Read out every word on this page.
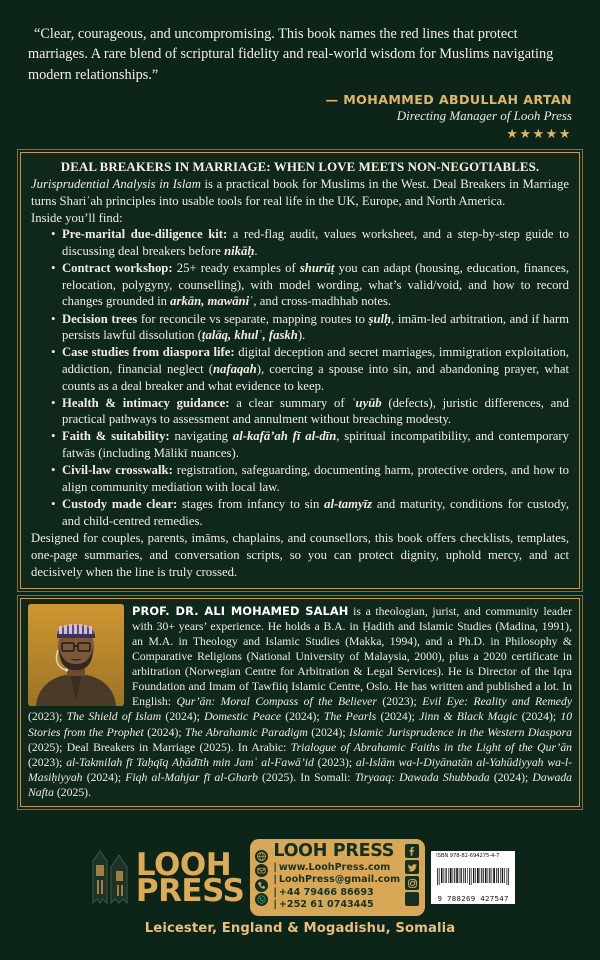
“Clear, courageous, and uncompromising. This book names the red lines that protect marriages. A rare blend of scriptural fidelity and real-world wisdom for Muslims navigating modern relationships.”

— MOHAMMED ABDULLAH ARTAN
Directing Manager of Looh Press
★★★★★
DEAL BREAKERS IN MARRIAGE: WHEN LOVE MEETS NON-NEGOTIABLES.

Jurisprudential Analysis in Islam is a practical book for Muslims in the West. Deal Breakers in Marriage turns Shariʿah principles into usable tools for real life in the UK, Europe, and North America.

Inside you’ll find:

• Pre-marital due-diligence kit: a red-flag audit, values worksheet, and a step-by-step guide to discussing deal breakers before nikāḥ.
• Contract workshop: 25+ ready examples of shurūṭ you can adapt (housing, education, finances, relocation, polygyny, counselling), with model wording, what’s valid/void, and how to record changes grounded in arkān, mawāniʿ, and cross-madhhab notes.
• Decision trees for reconcile vs separate, mapping routes to ṣulḥ, imām-led arbitration, and if harm persists lawful dissolution (ṭalāq, khulʿ, faskh).
• Case studies from diaspora life: digital deception and secret marriages, immigration exploitation, addiction, financial neglect (nafaqah), coercing a spouse into sin, and abandoning prayer, what counts as a deal breaker and what evidence to keep.
• Health & intimacy guidance: a clear summary of ʿuyūb (defects), juristic differences, and practical pathways to assessment and annulment without breaching modesty.
• Faith & suitability: navigating al-kafā’ah fī al-dīn, spiritual incompatibility, and contemporary fatwās (including Mālikī nuances).
• Civil-law crosswalk: registration, safeguarding, documenting harm, protective orders, and how to align community mediation with local law.
• Custody made clear: stages from infancy to sin al-tamyīz and maturity, conditions for custody, and child-centred remedies.

Designed for couples, parents, imāms, chaplains, and counsellors, this book offers checklists, templates, one-page summaries, and conversation scripts, so you can protect dignity, uphold mercy, and act decisively when the line is truly crossed.

PROF. DR. ALI MOHAMED SALAH is a theologian, jurist, and community leader with 30+ years’ experience. He holds a B.A. in Ḥadith and Islamic Studies (Madina, 1991), an M.A. in Theology and Islamic Studies (Makka, 1994), and a Ph.D. in Philosophy & Comparative Religions (National University of Malaysia, 2000), plus a 2020 certificate in arbitration (Norwegian Centre for Arbitration & Legal Services). He is Director of the Iqra Foundation and Imam of Tawfiiq Islamic Centre, Oslo. He has written and published a lot. In English: Qur’ān: Moral Compass of the Believer (2023); Evil Eye: Reality and Remedy (2023); The Shield of Islam (2024); Domestic Peace (2024); The Pearls (2024); Jinn & Black Magic (2024); 10 Stories from the Prophet (2024); The Abrahamic Paradigm (2024); Islamic Jurisprudence in the Western Diaspora (2025); Deal Breakers in Marriage (2025). In Arabic: Trialogue of Abrahamic Faiths in the Light of the Qur’ān (2023); al-Takmilah fī Taḥqīq Aḥādīth min Jamʿ al-Fawā’id (2023); al-Islām wa-l-Diyānatān al-Yahūdiyyah wa-l-Masiḥiyyah (2024); Fiqh al-Mahjar fī al-Gharb (2025). In Somali: Tiryaaq: Dawada Shubbada (2024); Dawada Nafta (2025).

LOOH
PRESS
LOOH PRESS
| www.LoohPress.com
| LoohPress@gmail.com
| +44 79466 86693
| +252 61 0743445
ISBN 978-82-694275-4-7
9 788269 427547
Leicester, England & Mogadishu, Somalia
